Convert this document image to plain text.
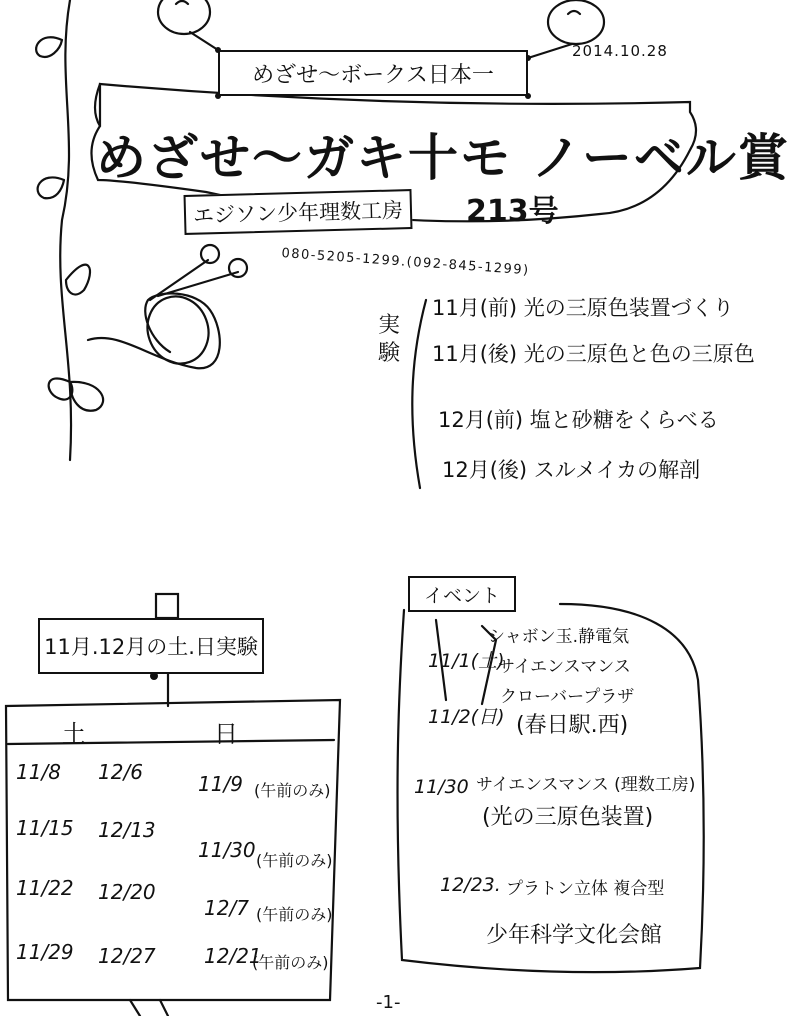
2014.10.28
めざせ〜ボークス日本一
めざせ〜ガキ十モ ノーベル賞
213号
エジソン少年理数工房
080-5205-1299.(092-845-1299)
実験
11月(前) 光の三原色装置づくり
11月(後) 光の三原色と色の三原色
12月(前) 塩と砂糖をくらべる
12月(後) スルメイカの解剖
11月.12月の土.日実験
土	日
11/8
11/15
11/22
11/29
12/6
12/13
12/20
12/27
11/9 (午前のみ)
11/30 (午前のみ)
12/7 (午前のみ)
12/21
(午前のみ)
イベント
11/1(土)
11/2(日)
シャボン玉.静電気
サイエンスマンス
クローバープラザ
(春日駅.西)
11/30 サイエンスマンス (理数工房)
(光の三原色装置)
12/23. プラトン立体 複合型
少年科学文化会館
-1-
